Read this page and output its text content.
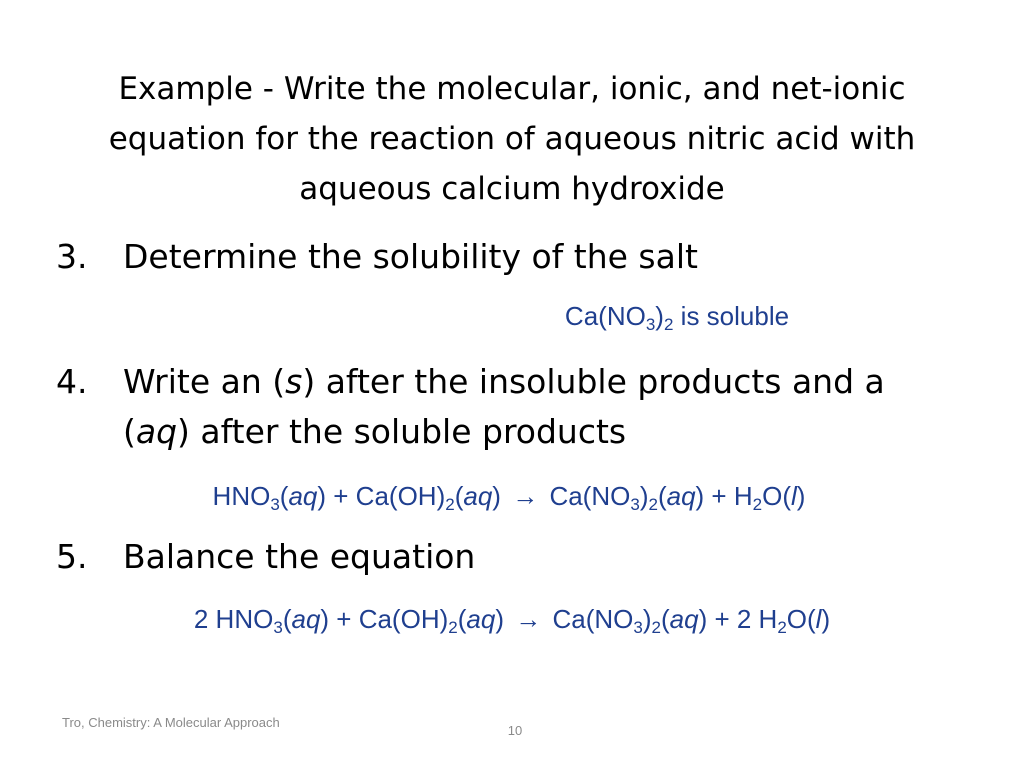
Example - Write the molecular, ionic, and net-ionic
equation for the reaction of aqueous nitric acid with
aqueous calcium hydroxide
3.	Determine the solubility of the salt
$Ca(NO_3)_2$ is soluble
4.	Write an (s) after the insoluble products and a (aq) after the soluble products
$HNO_3(aq) + Ca(OH)_2(aq) \to Ca(NO_3)_2(aq) + H_2O(l)$
5.	Balance the equation
2 $HNO_3(aq) + Ca(OH)_2(aq) \to Ca(NO_3)_2(aq) + 2$ $H_2O(l)$
Tro, Chemistry: A Molecular Approach
10
